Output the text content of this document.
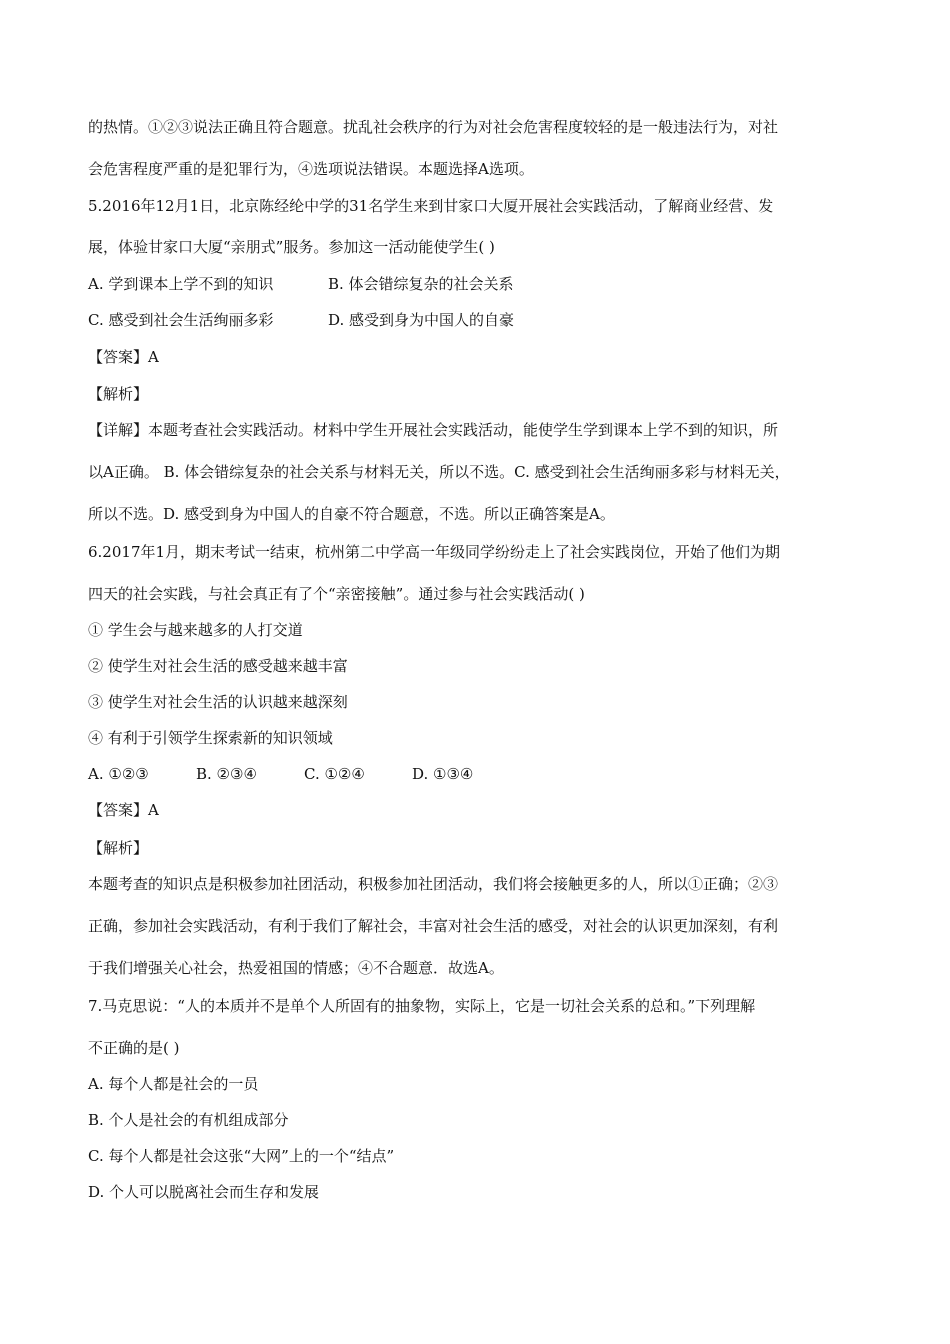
的热情。①②③说法正确且符合题意。扰乱社会秩序的行为对社会危害程度较轻的是一般违法行为，对社
会危害程度严重的是犯罪行为，④选项说法错误。本题选择A选项。
5.2016年12月1日，北京陈经纶中学的31名学生来到甘家口大厦开展社会实践活动，了解商业经营、发
展，体验甘家口大厦“亲朋式”服务。参加这一活动能使学生( )
A. 学到课本上学不到的知识	B. 体会错综复杂的社会关系
C. 感受到社会生活绚丽多彩	D. 感受到身为中国人的自豪
【答案】A
【解析】
【详解】本题考查社会实践活动。材料中学生开展社会实践活动，能使学生学到课本上学不到的知识，所
以A正确。 B. 体会错综复杂的社会关系与材料无关，所以不选。C. 感受到社会生活绚丽多彩与材料无关，
所以不选。D. 感受到身为中国人的自豪不符合题意，不选。所以正确答案是A。
6.2017年1月，期末考试一结束，杭州第二中学高一年级同学纷纷走上了社会实践岗位，开始了他们为期
四天的社会实践，与社会真正有了个“亲密接触”。通过参与社会实践活动( )
① 学生会与越来越多的人打交道
② 使学生对社会生活的感受越来越丰富
③ 使学生对社会生活的认识越来越深刻
④ 有利于引领学生探索新的知识领域
A. ①②③	B. ②③④	C. ①②④	D. ①③④
【答案】A
【解析】
本题考查的知识点是积极参加社团活动，积极参加社团活动，我们将会接触更多的人，所以①正确；②③
正确，参加社会实践活动，有利于我们了解社会，丰富对社会生活的感受，对社会的认识更加深刻，有利
于我们增强关心社会，热爱祖国的情感；④不合题意．故选A。
7.马克思说：“人的本质并不是单个人所固有的抽象物，实际上，它是一切社会关系的总和。”下列理解
不正确的是( )
A. 每个人都是社会的一员
B. 个人是社会的有机组成部分
C. 每个人都是社会这张“大网”上的一个“结点”
D. 个人可以脱离社会而生存和发展
